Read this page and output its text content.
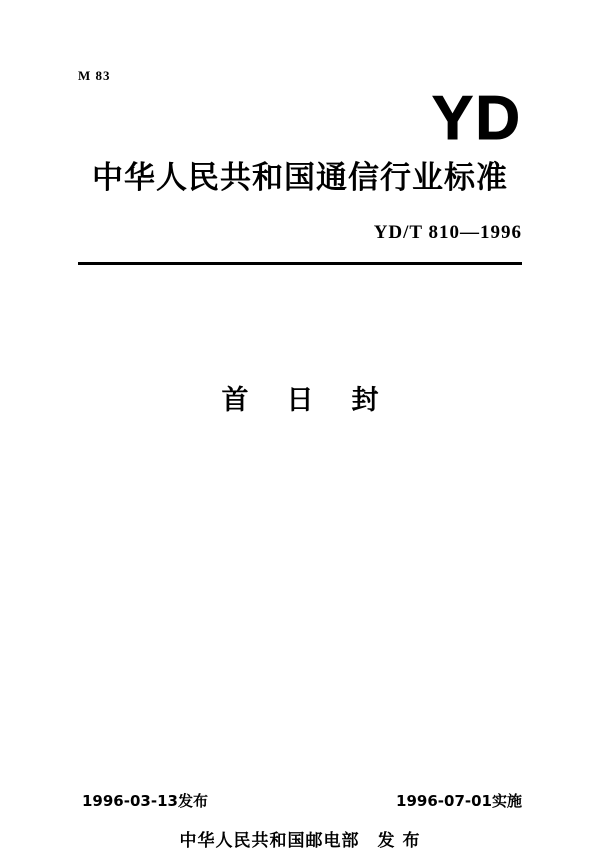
M 83
YD
中华人民共和国通信行业标准
YD/T 810—1996
首日封
1996-03-13发布	1996-07-01实施
中华人民共和国邮电部 发 布
